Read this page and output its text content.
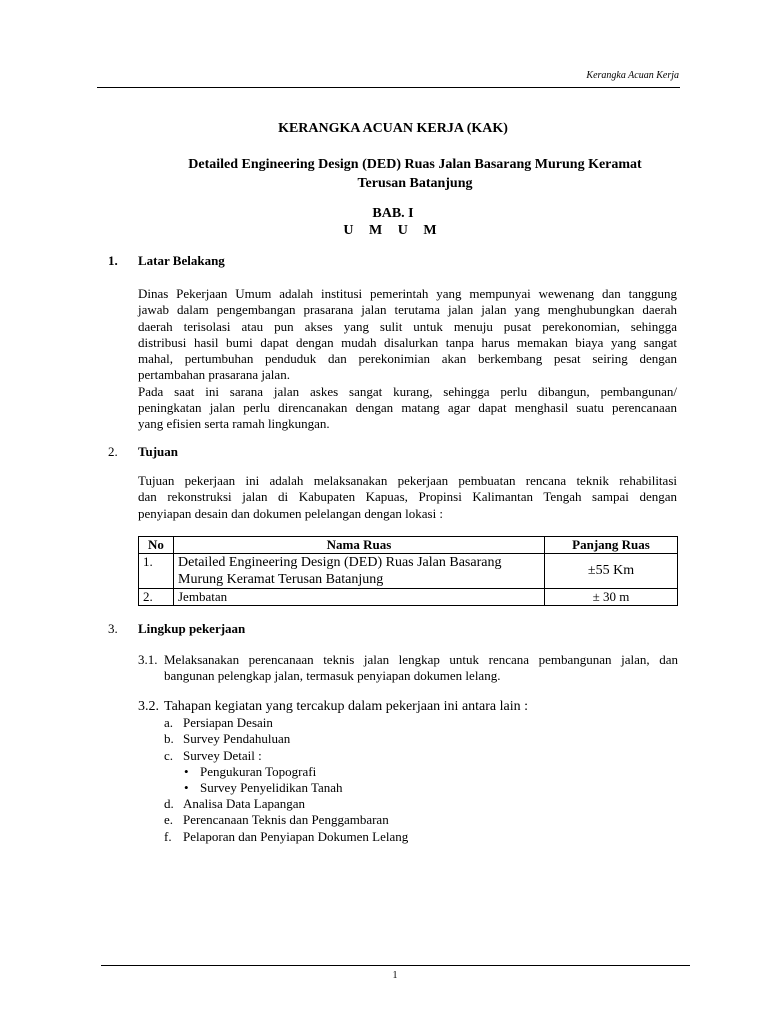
Kerangka Acuan Kerja
KERANGKA ACUAN KERJA (KAK)
Detailed Engineering Design (DED) Ruas Jalan Basarang Murung Keramat
Terusan Batanjung
BAB. I
U M U M
1. Latar Belakang
Dinas Pekerjaan Umum adalah institusi pemerintah yang mempunyai wewenang dan tanggung
jawab dalam pengembangan prasarana jalan terutama jalan jalan yang menghubungkan daerah
daerah terisolasi atau pun akses yang sulit untuk menuju pusat perekonomian, sehingga
distribusi hasil bumi dapat dengan mudah disalurkan tanpa harus memakan biaya yang sangat
mahal, pertumbuhan penduduk dan perekonimian akan berkembang pesat seiring dengan
pertambahan prasarana jalan.
Pada saat ini sarana jalan askes sangat kurang, sehingga perlu dibangun, pembangunan/
peningkatan jalan perlu direncanakan dengan matang agar dapat menghasil suatu perencanaan
yang efisien serta ramah lingkungan.
2. Tujuan
Tujuan pekerjaan ini adalah melaksanakan pekerjaan pembuatan rencana teknik rehabilitasi
dan rekonstruksi jalan di Kabupaten Kapuas, Propinsi Kalimantan Tengah sampai dengan
penyiapan desain dan dokumen pelelangan dengan lokasi :
No	Nama Ruas	Panjang Ruas
1.	Detailed Engineering Design (DED) Ruas Jalan Basarang
Murung Keramat Terusan Batanjung	±55 Km
2.	Jembatan	± 30 m
3. Lingkup pekerjaan
3.1. Melaksanakan perencanaan teknis jalan lengkap untuk rencana pembangunan jalan, dan
bangunan pelengkap jalan, termasuk penyiapan dokumen lelang.
3.2. Tahapan kegiatan yang tercakup dalam pekerjaan ini antara lain :
a. Persiapan Desain
b. Survey Pendahuluan
c. Survey Detail :
• Pengukuran Topografi
• Survey Penyelidikan Tanah
d. Analisa Data Lapangan
e. Perencanaan Teknis dan Penggambaran
f. Pelaporan dan Penyiapan Dokumen Lelang
1
